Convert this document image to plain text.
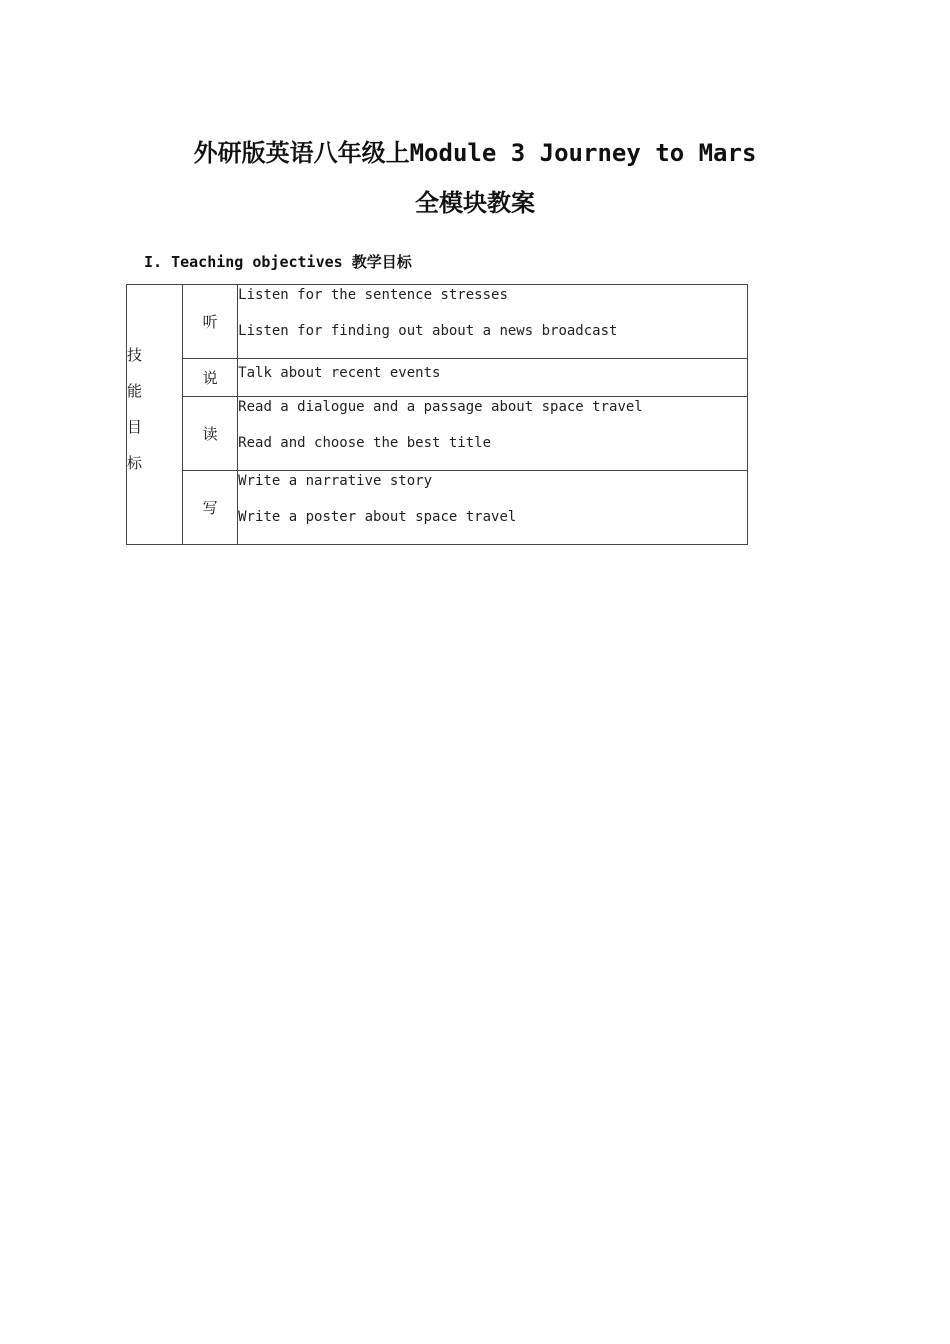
外研版英语八年级上Module 3 Journey to Mars
全模块教案
I. Teaching objectives 教学目标
技
能
目
标	听	Listen for the sentence stresses
Listen for finding out about a news broadcast

	说	Talk about recent events

	读	Read a dialogue and a passage about space travel
Read and choose the best title

	写	Write a narrative story
Write a poster about space travel
